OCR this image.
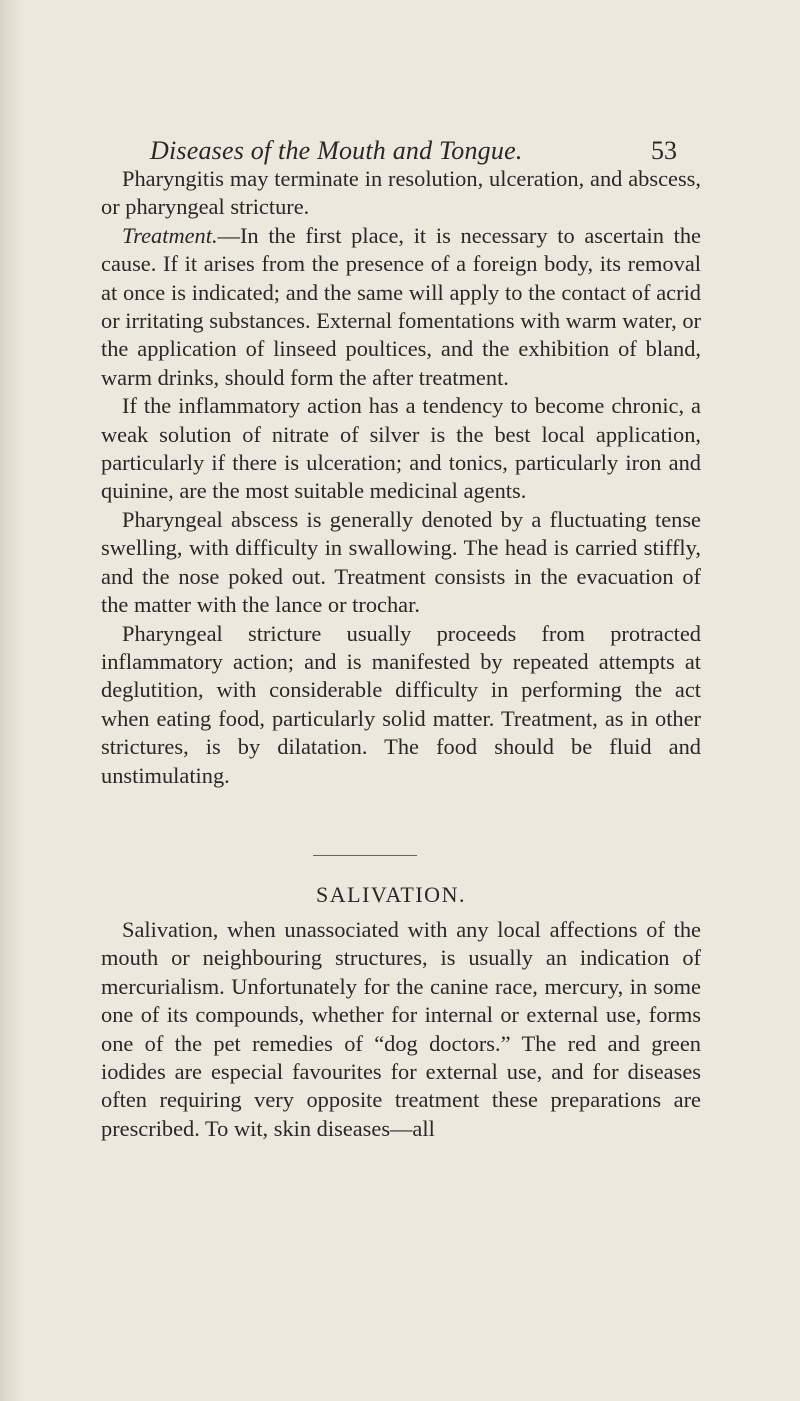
Diseases of the Mouth and Tongue.	53

Pharyngitis may terminate in resolution, ulceration, and abscess, or pharyngeal stricture.

Treatment.—In the first place, it is necessary to ascertain the cause. If it arises from the presence of a foreign body, its removal at once is indicated; and the same will apply to the contact of acrid or irritating substances. External fomentations with warm water, or the application of linseed poultices, and the exhibition of bland, warm drinks, should form the after treatment.

If the inflammatory action has a tendency to become chronic, a weak solution of nitrate of silver is the best local application, particularly if there is ulceration; and tonics, particularly iron and quinine, are the most suitable medicinal agents.

Pharyngeal abscess is generally denoted by a fluctuating tense swelling, with difficulty in swallowing. The head is carried stiffly, and the nose poked out. Treatment consists in the evacuation of the matter with the lance or trochar.

Pharyngeal stricture usually proceeds from protracted inflammatory action; and is manifested by repeated attempts at deglutition, with considerable difficulty in performing the act when eating food, particularly solid matter. Treatment, as in other strictures, is by dilatation. The food should be fluid and unstimulating.

SALIVATION.

Salivation, when unassociated with any local affections of the mouth or neighbouring structures, is usually an indication of mercurialism. Unfortunately for the canine race, mercury, in some one of its compounds, whether for internal or external use, forms one of the pet remedies of “dog doctors.” The red and green iodides are especial favourites for external use, and for diseases often requiring very opposite treatment these preparations are prescribed. To wit, skin diseases—all
